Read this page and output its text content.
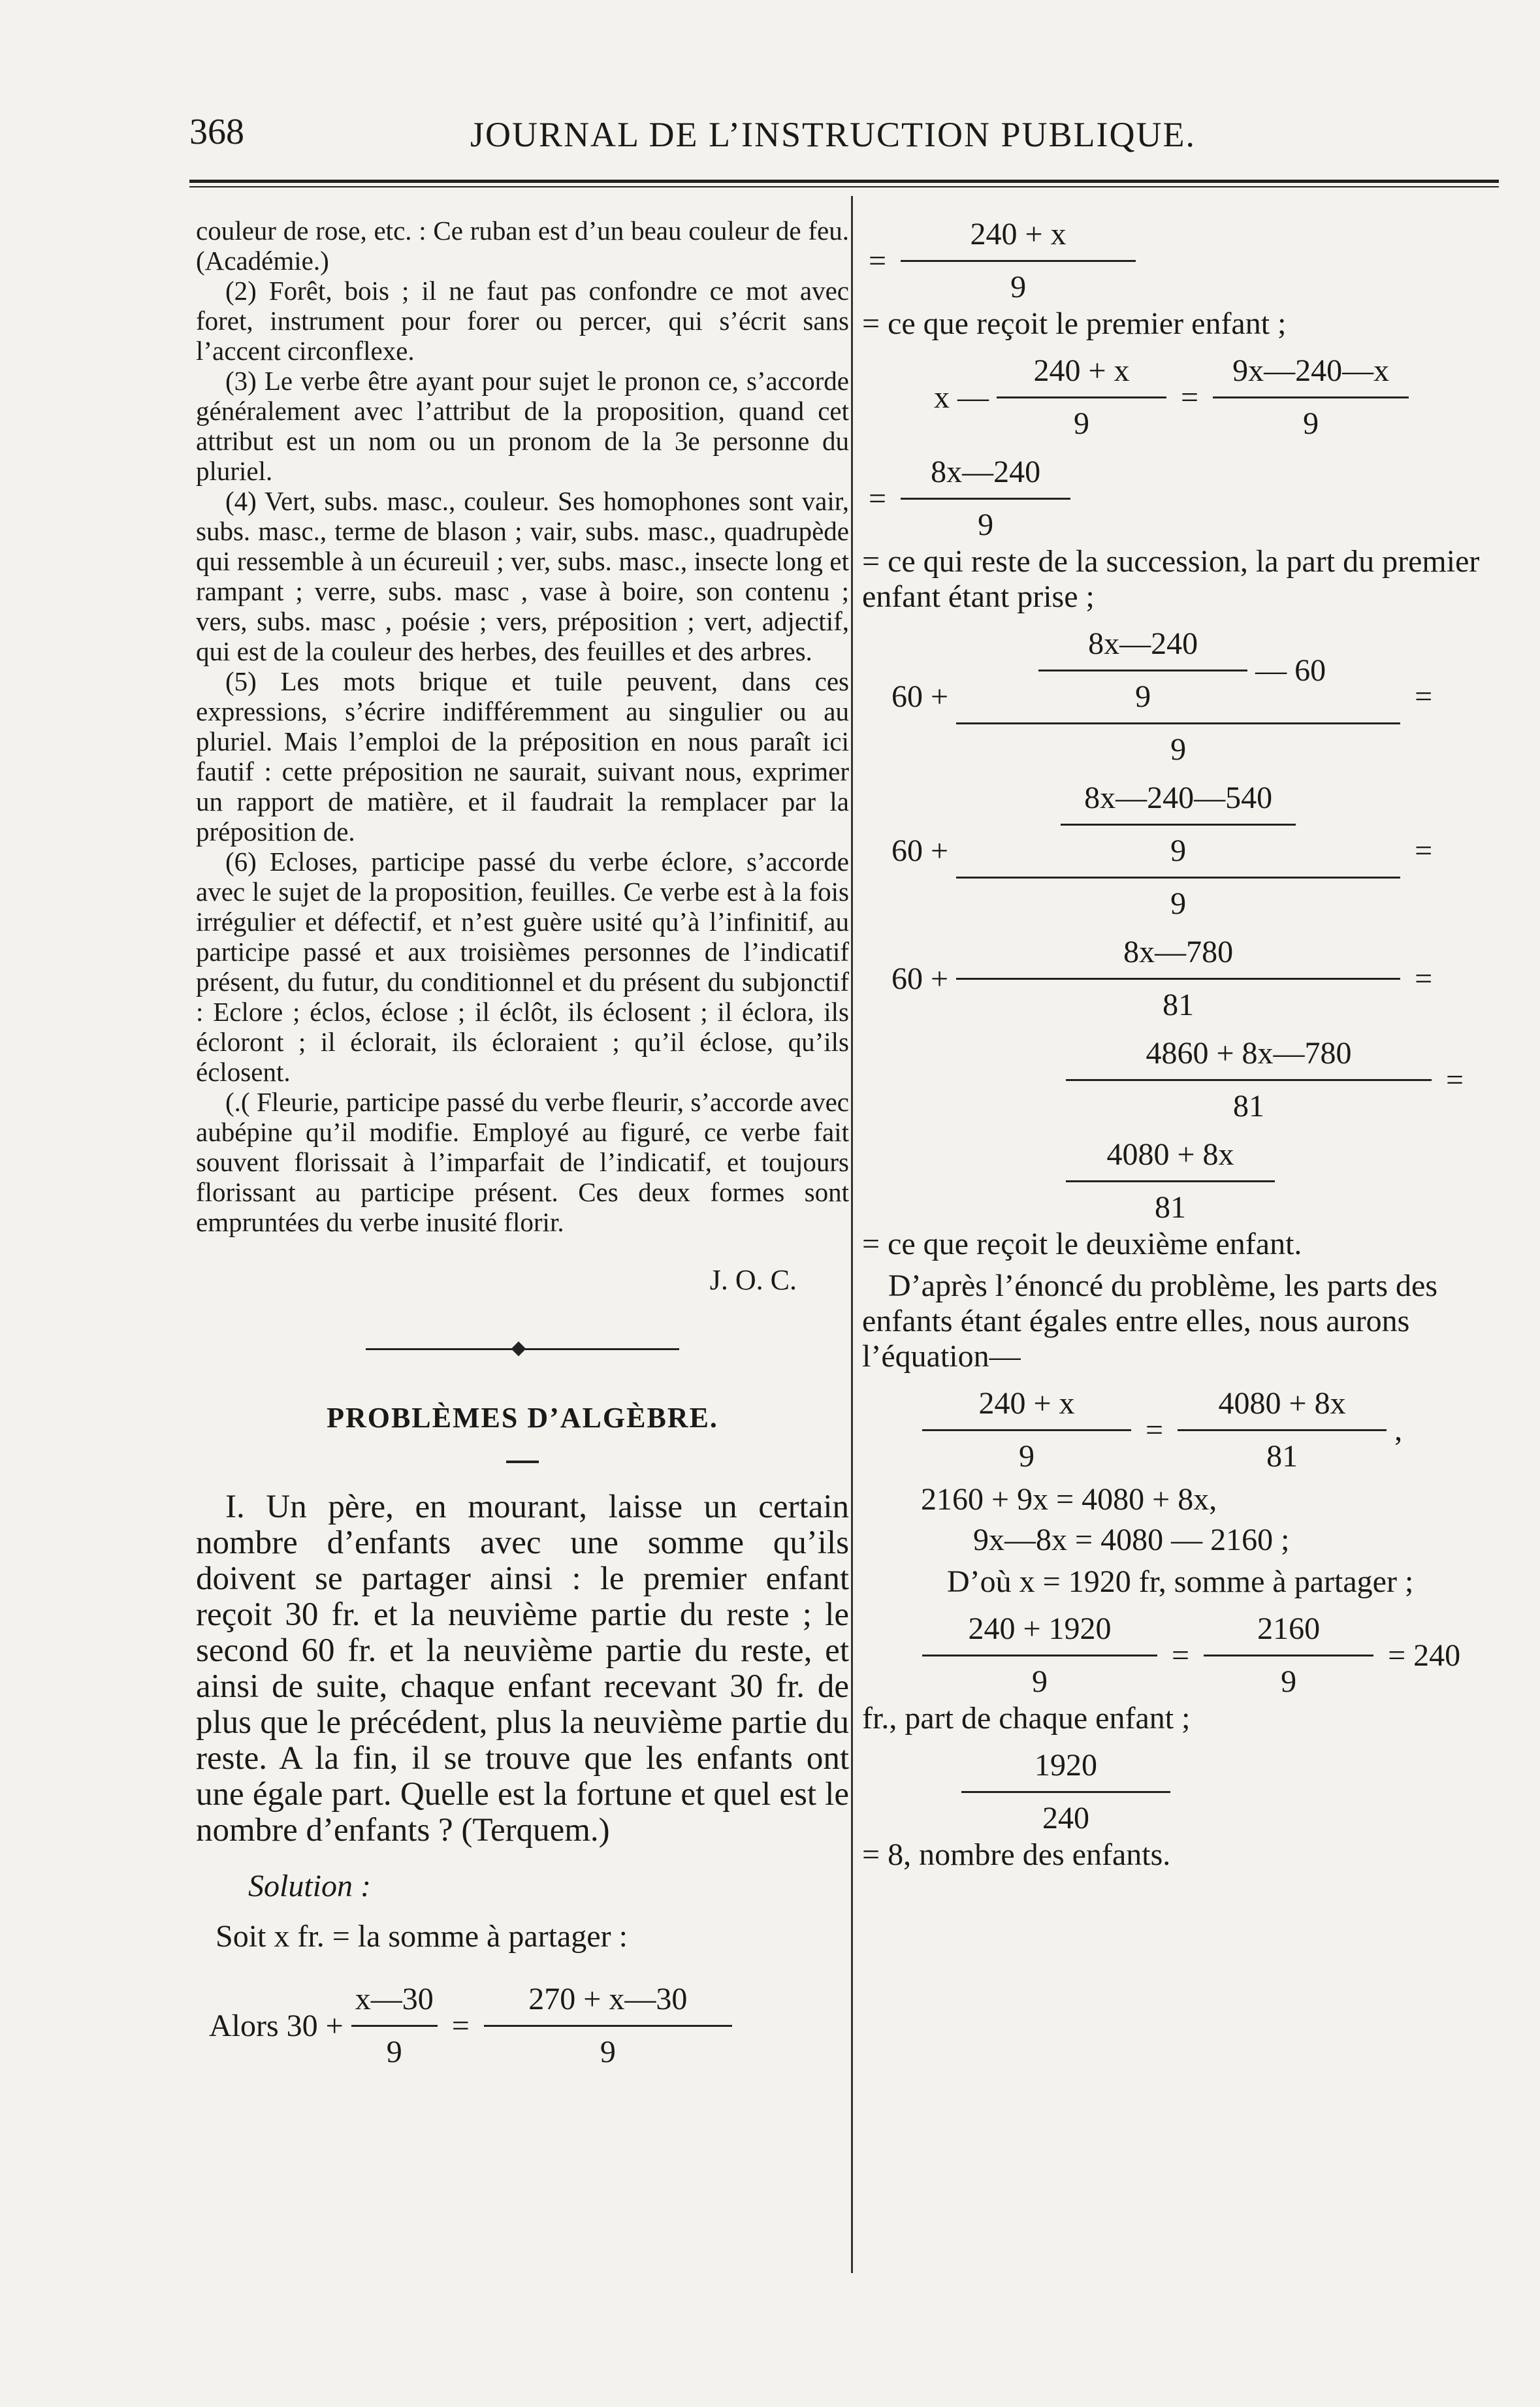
368	JOURNAL DE L’INSTRUCTION PUBLIQUE.

couleur de rose, etc. : Ce ruban est d’un beau couleur de feu. (Académie.)

(2) Forêt, bois ; il ne faut pas confondre ce mot avec foret, instrument pour forer ou percer, qui s’écrit sans l’accent circonflexe.

(3) Le verbe être ayant pour sujet le pronon ce, s’accorde généralement avec l’attribut de la proposition, quand cet attribut est un nom ou un pronom de la 3e personne du pluriel.

(4) Vert, subs. masc., couleur. Ses homophones sont vair, subs. masc., terme de blason ; vair, subs. masc., quadrupède qui ressemble à un écureuil ; ver, subs. masc., insecte long et rampant ; verre, subs. masc , vase à boire, son contenu ; vers, subs. masc , poésie ; vers, préposition ; vert, adjectif, qui est de la couleur des herbes, des feuilles et des arbres.

(5) Les mots brique et tuile peuvent, dans ces expressions, s’écrire indifféremment au singulier ou au pluriel. Mais l’emploi de la préposition en nous paraît ici fautif : cette préposition ne saurait, suivant nous, exprimer un rapport de matière, et il faudrait la remplacer par la préposition de.

(6) Ecloses, participe passé du verbe éclore, s’accorde avec le sujet de la proposition, feuilles. Ce verbe est à la fois irrégulier et défectif, et n’est guère usité qu’à l’infinitif, au participe passé et aux troisièmes personnes de l’indicatif présent, du futur, du conditionnel et du présent du subjonctif : Eclore ; éclos, éclose ; il éclôt, ils éclosent ; il éclora, ils écloront ; il éclorait, ils écloraient ; qu’il éclose, qu’ils éclosent.

(.( Fleurie, participe passé du verbe fleurir, s’accorde avec aubépine qu’il modifie. Employé au figuré, ce verbe fait souvent florissait à l’imparfait de l’indicatif, et toujours florissant au participe présent. Ces deux formes sont empruntées du verbe inusité florir.

J. O. C.

PROBLÈMES D’ALGÈBRE.

I. Un père, en mourant, laisse un certain nombre d’enfants avec une somme qu’ils doivent se partager ainsi : le premier enfant reçoit 30 fr. et la neuvième partie du reste ; le second 60 fr. et la neuvième partie du reste, et ainsi de suite, chaque enfant recevant 30 fr. de plus que le précédent, plus la neuvième partie du reste. A la fin, il se trouve que les enfants ont une égale part. Quelle est la fortune et quel est le nombre d’enfants ? (Terquem.)

Solution :

Soit x fr. = la somme à partager :

Alors $30 + \frac{x—30}{9} = \frac{270 + x—30}{9}$
= $\frac{240 + x}{9}$

= ce que reçoit le premier enfant ;

x — $\frac{240 + x}{9} = \frac{9x—240—x}{9}$
= $\frac{8x—240}{9}$

= ce qui reste de la succession, la part du premier enfant étant prise ;

$60 + \frac{\frac{8x—240}{9} — 60}{9}$ =
$60 + \frac{\frac{8x—240—540}{9}}{9}$ =
$60 + \frac{8x—780}{81}$ =
$\frac{4860 + 8x—780}{81}$ =
$\frac{4080 + 8x}{81}$

= ce que reçoit le deuxième enfant.

D’après l’énoncé du problème, les parts des enfants étant égales entre elles, nous aurons l’équation—

$\frac{240 + x}{9} = \frac{4080 + 8x}{81}$ ,

2160 + 9x = 4080 + 8x,

9x—8x = 4080 — 2160 ;

D’où x = 1920 fr, somme à partager ;

$\frac{240 + 1920}{9} = \frac{2160}{9} = 240$

fr., part de chaque enfant ;

$\frac{1920}{240}$

= 8, nombre des enfants.
